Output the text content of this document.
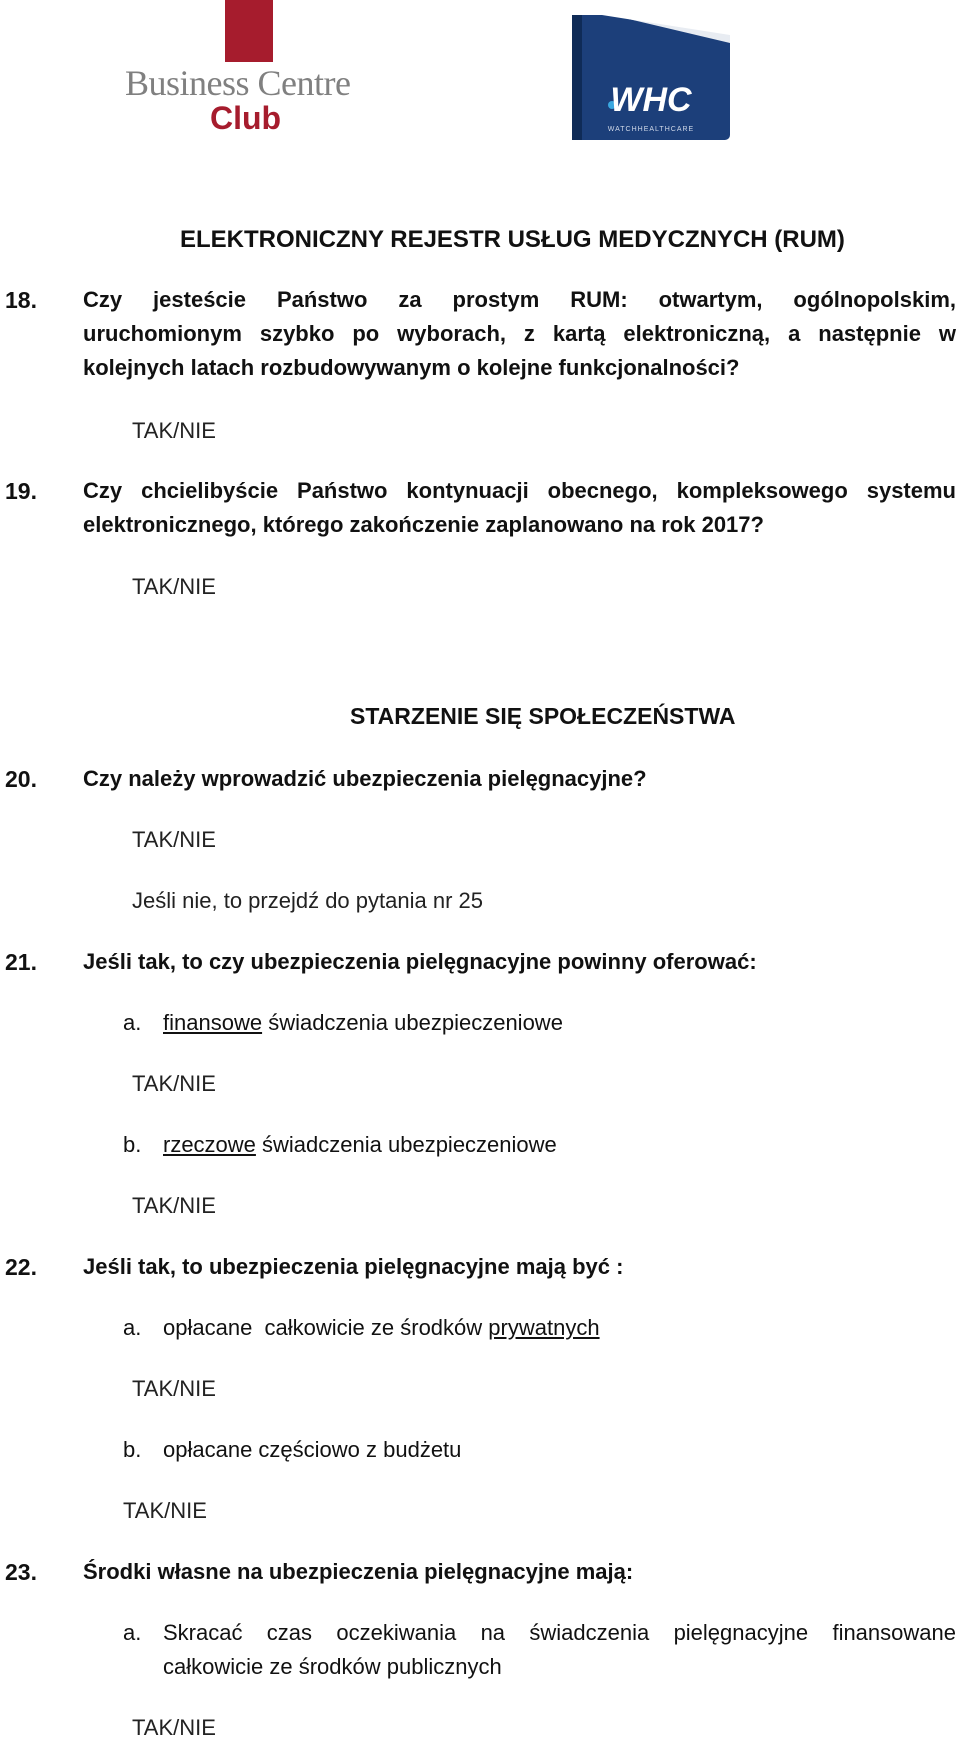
Business Centre
Club	WHC
WATCHHEALTHCARE
ELEKTRONICZNY REJESTR USŁUG MEDYCZNYCH (RUM)
18. Czy jesteście Państwo za prostym RUM: otwartym, ogólnopolskim,
uruchomionym szybko po wyborach, z kartą elektroniczną, a następnie w
kolejnych latach rozbudowywanym o kolejne funkcjonalności?
TAK/NIE
19. Czy chcielibyście Państwo kontynuacji obecnego, kompleksowego systemu
elektronicznego, którego zakończenie zaplanowano na rok 2017?
TAK/NIE
STARZENIE SIĘ SPOŁECZEŃSTWA
20. Czy należy wprowadzić ubezpieczenia pielęgnacyjne?
TAK/NIE
Jeśli nie, to przejdź do pytania nr 25
21. Jeśli tak, to czy ubezpieczenia pielęgnacyjne powinny oferować:
a. finansowe świadczenia ubezpieczeniowe
TAK/NIE
b. rzeczowe świadczenia ubezpieczeniowe
TAK/NIE
22. Jeśli tak, to ubezpieczenia pielęgnacyjne mają być :
a. opłacane  całkowicie ze środków prywatnych
TAK/NIE
b. opłacane częściowo z budżetu
TAK/NIE
23. Środki własne na ubezpieczenia pielęgnacyjne mają:
a. Skracać czas oczekiwania na świadczenia pielęgnacyjne finansowane
całkowicie ze środków publicznych
TAK/NIE
